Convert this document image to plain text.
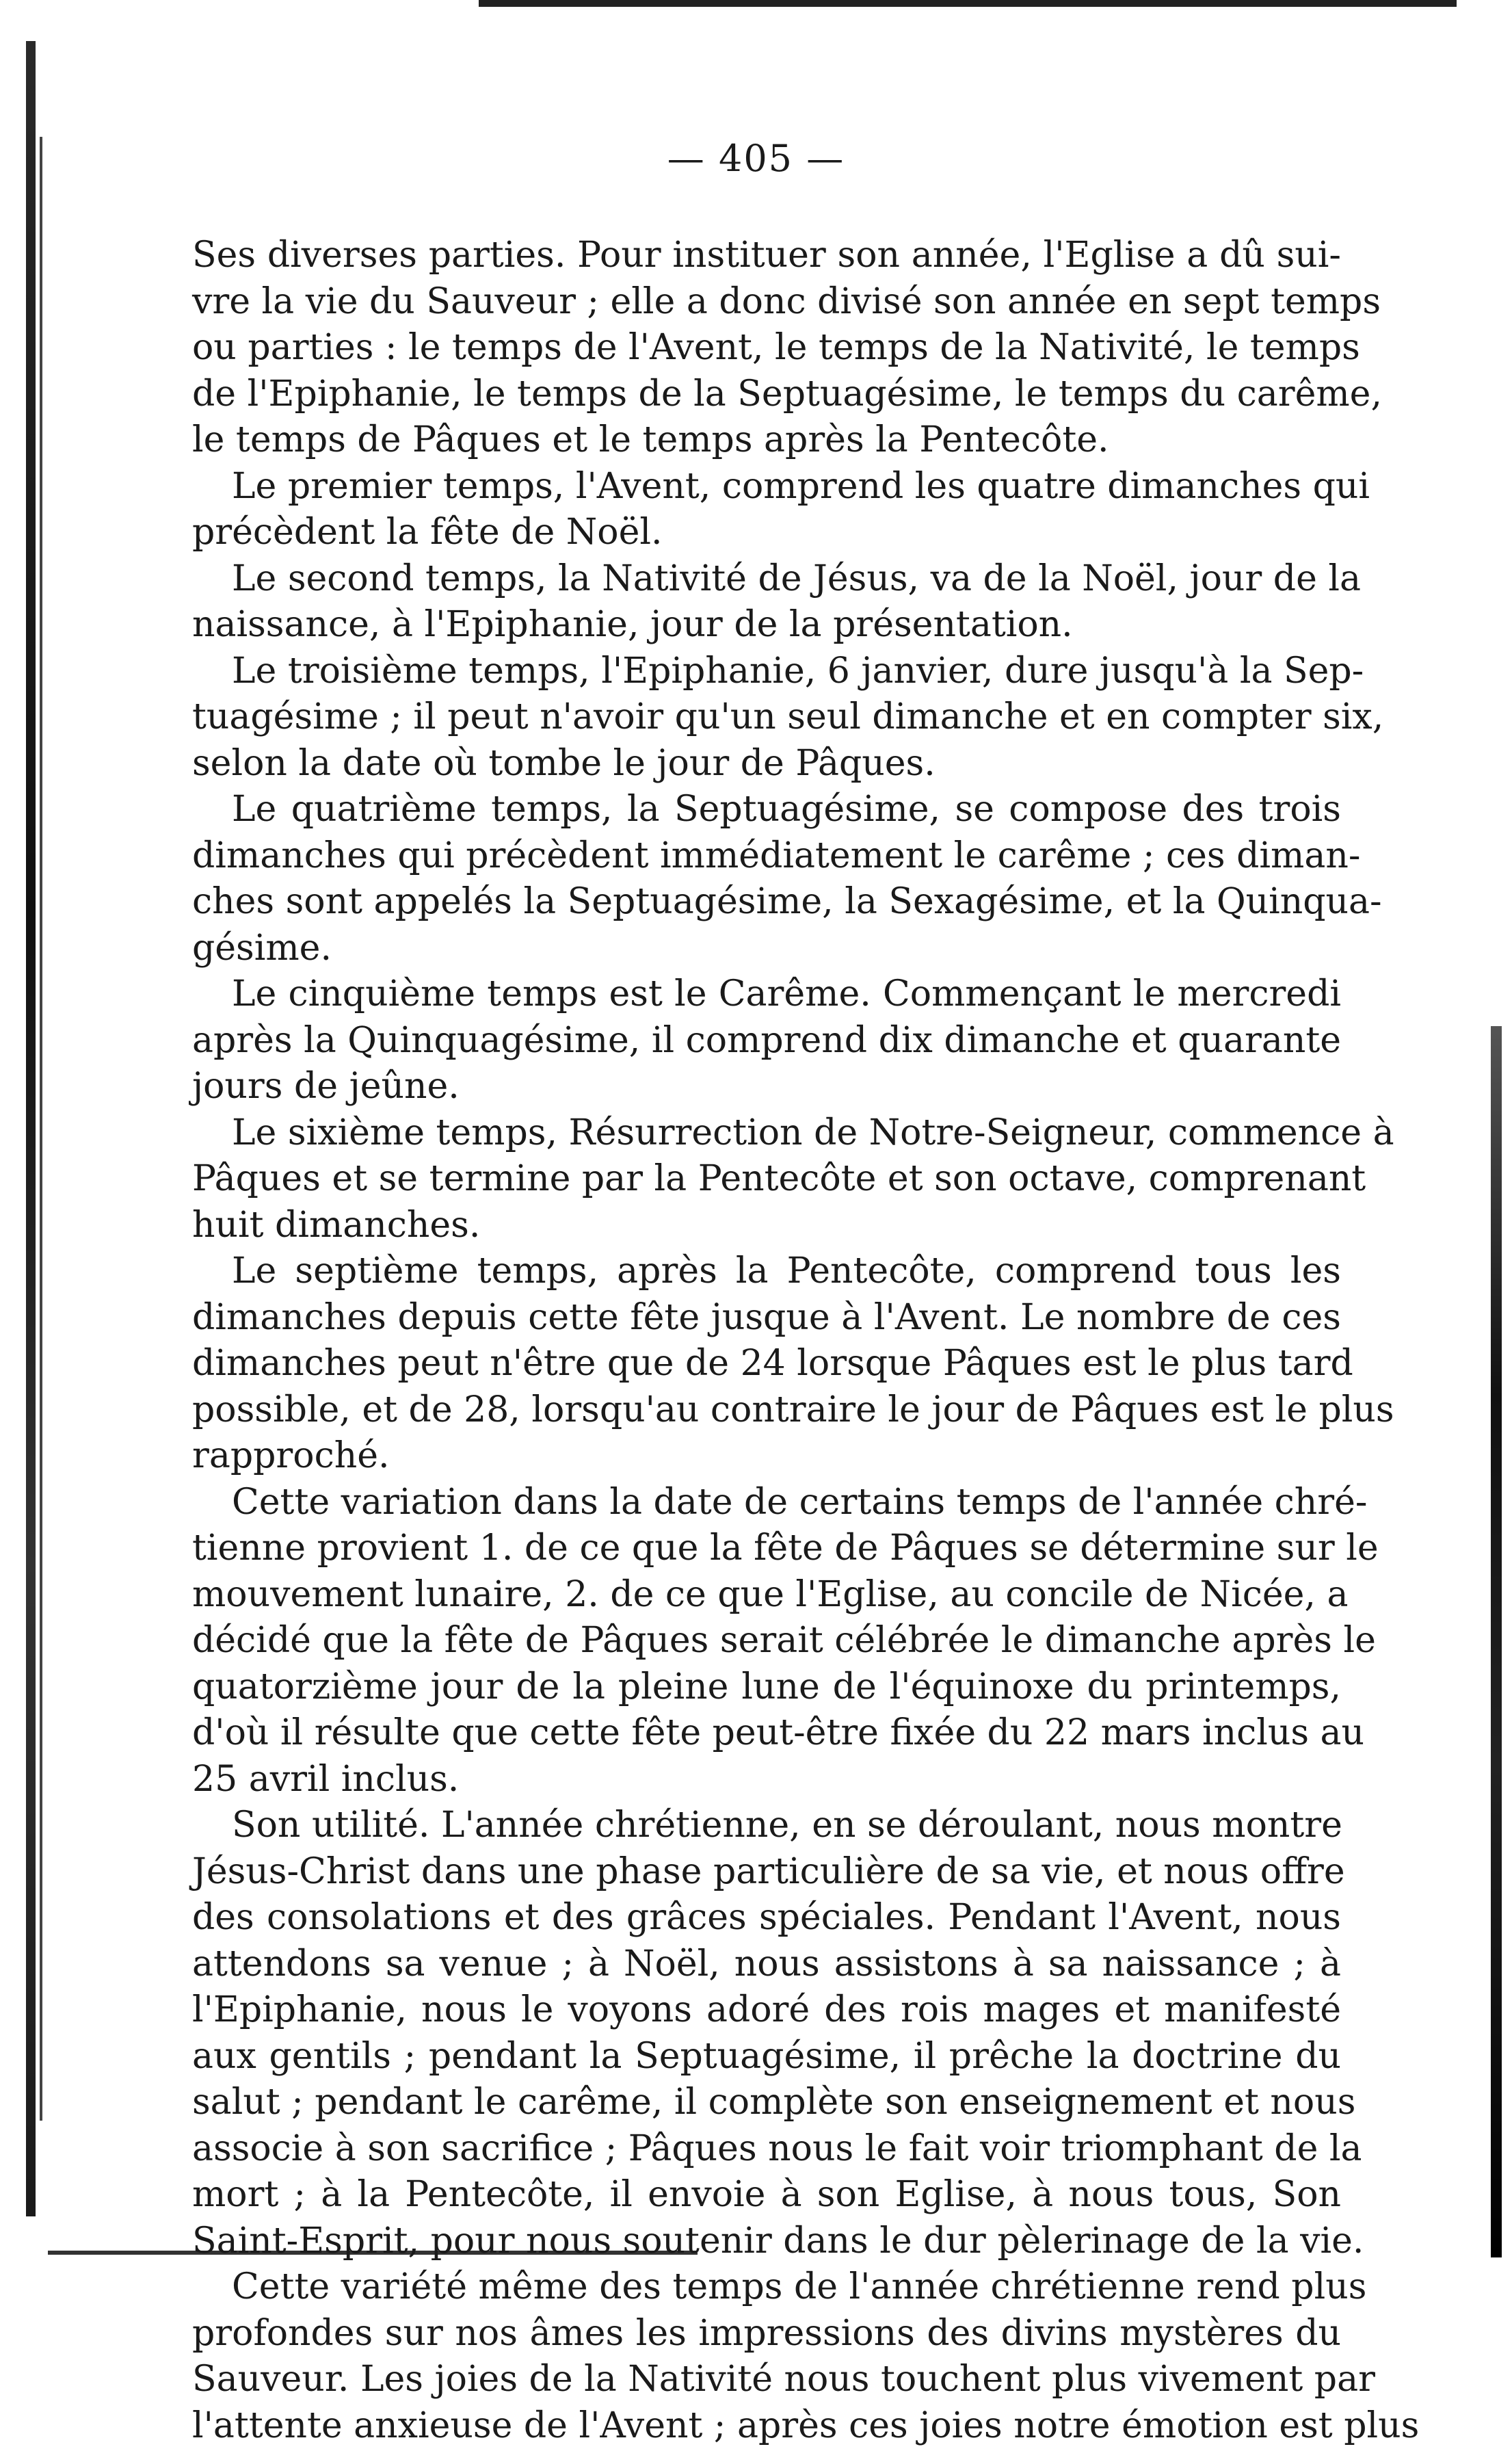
— 405 —
Ses diverses parties. Pour instituer son année, l'Eglise a dû sui-
vre la vie du Sauveur ; elle a donc divisé son année en sept temps
ou parties : le temps de l'Avent, le temps de la Nativité, le temps
de l'Epiphanie, le temps de la Septuagésime, le temps du carême,
le temps de Pâques et le temps après la Pentecôte.
Le premier temps, l'Avent, comprend les quatre dimanches qui
précèdent la fête de Noël.
Le second temps, la Nativité de Jésus, va de la Noël, jour de la
naissance, à l'Epiphanie, jour de la présentation.
Le troisième temps, l'Epiphanie, 6 janvier, dure jusqu'à la Sep-
tuagésime ; il peut n'avoir qu'un seul dimanche et en compter six,
selon la date où tombe le jour de Pâques.
Le quatrième temps, la Septuagésime, se compose des trois
dimanches qui précèdent immédiatement le carême ; ces diman-
ches sont appelés la Septuagésime, la Sexagésime, et la Quinqua-
gésime.
Le cinquième temps est le Carême. Commençant le mercredi
après la Quinquagésime, il comprend dix dimanche et quarante
jours de jeûne.
Le sixième temps, Résurrection de Notre-Seigneur, commence à
Pâques et se termine par la Pentecôte et son octave, comprenant
huit dimanches.
Le septième temps, après la Pentecôte, comprend tous les
dimanches depuis cette fête jusque à l'Avent. Le nombre de ces
dimanches peut n'être que de 24 lorsque Pâques est le plus tard
possible, et de 28, lorsqu'au contraire le jour de Pâques est le plus
rapproché.
Cette variation dans la date de certains temps de l'année chré-
tienne provient 1. de ce que la fête de Pâques se détermine sur le
mouvement lunaire, 2. de ce que l'Eglise, au concile de Nicée, a
décidé que la fête de Pâques serait célébrée le dimanche après le
quatorzième jour de la pleine lune de l'équinoxe du printemps,
d'où il résulte que cette fête peut-être fixée du 22 mars inclus au
25 avril inclus.
Son utilité. L'année chrétienne, en se déroulant, nous montre
Jésus-Christ dans une phase particulière de sa vie, et nous offre
des consolations et des grâces spéciales. Pendant l'Avent, nous
attendons sa venue ; à Noël, nous assistons à sa naissance ; à
l'Epiphanie, nous le voyons adoré des rois mages et manifesté
aux gentils ; pendant la Septuagésime, il prêche la doctrine du
salut ; pendant le carême, il complète son enseignement et nous
associe à son sacrifice ; Pâques nous le fait voir triomphant de la
mort ; à la Pentecôte, il envoie à son Eglise, à nous tous, Son
Saint-Esprit, pour nous soutenir dans le dur pèlerinage de la vie.
Cette variété même des temps de l'année chrétienne rend plus
profondes sur nos âmes les impressions des divins mystères du
Sauveur. Les joies de la Nativité nous touchent plus vivement par
l'attente anxieuse de l'Avent ; après ces joies notre émotion est plus
